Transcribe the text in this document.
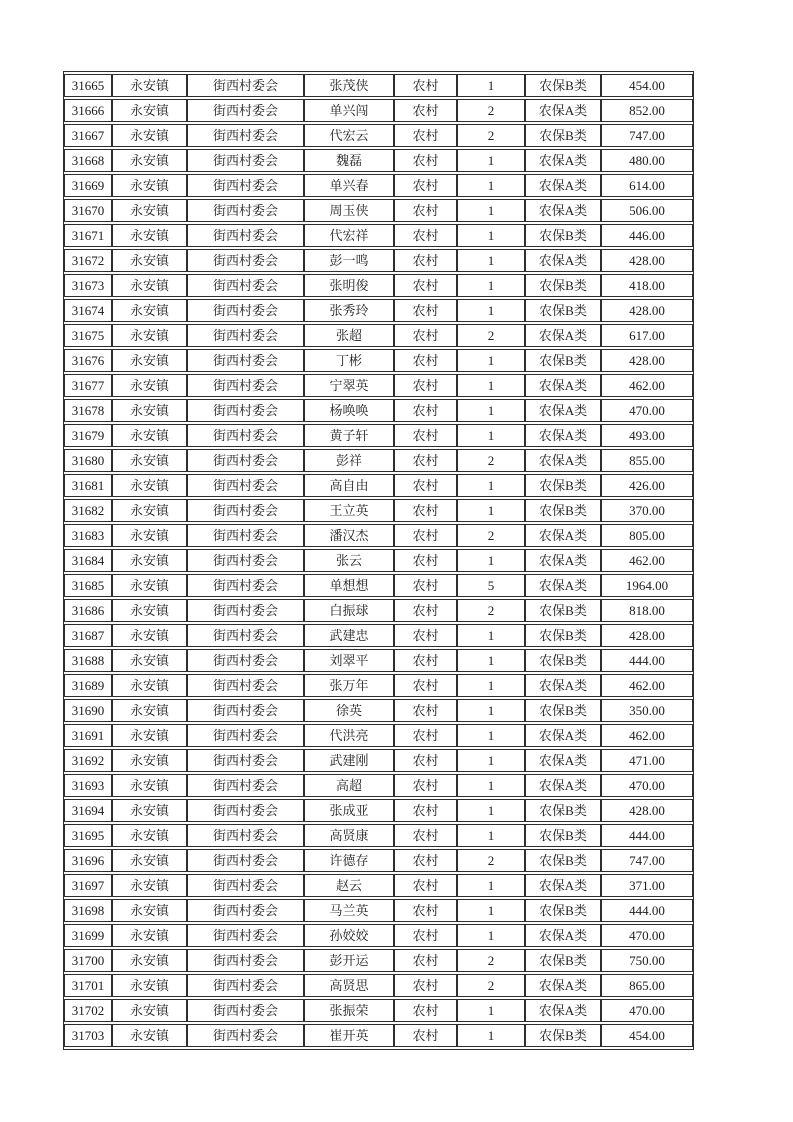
31665	永安镇	街西村委会	张茂侠	农村	1	农保B类	454.00
31666	永安镇	街西村委会	单兴闯	农村	2	农保A类	852.00
31667	永安镇	街西村委会	代宏云	农村	2	农保B类	747.00
31668	永安镇	街西村委会	魏磊	农村	1	农保A类	480.00
31669	永安镇	街西村委会	单兴春	农村	1	农保A类	614.00
31670	永安镇	街西村委会	周玉侠	农村	1	农保A类	506.00
31671	永安镇	街西村委会	代宏祥	农村	1	农保B类	446.00
31672	永安镇	街西村委会	彭一鸣	农村	1	农保A类	428.00
31673	永安镇	街西村委会	张明俊	农村	1	农保B类	418.00
31674	永安镇	街西村委会	张秀玲	农村	1	农保B类	428.00
31675	永安镇	街西村委会	张超	农村	2	农保A类	617.00
31676	永安镇	街西村委会	丁彬	农村	1	农保B类	428.00
31677	永安镇	街西村委会	宁翠英	农村	1	农保A类	462.00
31678	永安镇	街西村委会	杨唤唤	农村	1	农保A类	470.00
31679	永安镇	街西村委会	黄子轩	农村	1	农保A类	493.00
31680	永安镇	街西村委会	彭祥	农村	2	农保A类	855.00
31681	永安镇	街西村委会	高自由	农村	1	农保B类	426.00
31682	永安镇	街西村委会	王立英	农村	1	农保B类	370.00
31683	永安镇	街西村委会	潘汉杰	农村	2	农保A类	805.00
31684	永安镇	街西村委会	张云	农村	1	农保A类	462.00
31685	永安镇	街西村委会	单想想	农村	5	农保A类	1964.00
31686	永安镇	街西村委会	白振球	农村	2	农保B类	818.00
31687	永安镇	街西村委会	武建忠	农村	1	农保B类	428.00
31688	永安镇	街西村委会	刘翠平	农村	1	农保B类	444.00
31689	永安镇	街西村委会	张万年	农村	1	农保A类	462.00
31690	永安镇	街西村委会	徐英	农村	1	农保B类	350.00
31691	永安镇	街西村委会	代洪亮	农村	1	农保A类	462.00
31692	永安镇	街西村委会	武建刚	农村	1	农保A类	471.00
31693	永安镇	街西村委会	高超	农村	1	农保A类	470.00
31694	永安镇	街西村委会	张成亚	农村	1	农保B类	428.00
31695	永安镇	街西村委会	高贤康	农村	1	农保B类	444.00
31696	永安镇	街西村委会	许德存	农村	2	农保B类	747.00
31697	永安镇	街西村委会	赵云	农村	1	农保A类	371.00
31698	永安镇	街西村委会	马兰英	农村	1	农保B类	444.00
31699	永安镇	街西村委会	孙姣姣	农村	1	农保A类	470.00
31700	永安镇	街西村委会	彭开运	农村	2	农保B类	750.00
31701	永安镇	街西村委会	高贤思	农村	2	农保A类	865.00
31702	永安镇	街西村委会	张振荣	农村	1	农保A类	470.00
31703	永安镇	街西村委会	崔开英	农村	1	农保B类	454.00
